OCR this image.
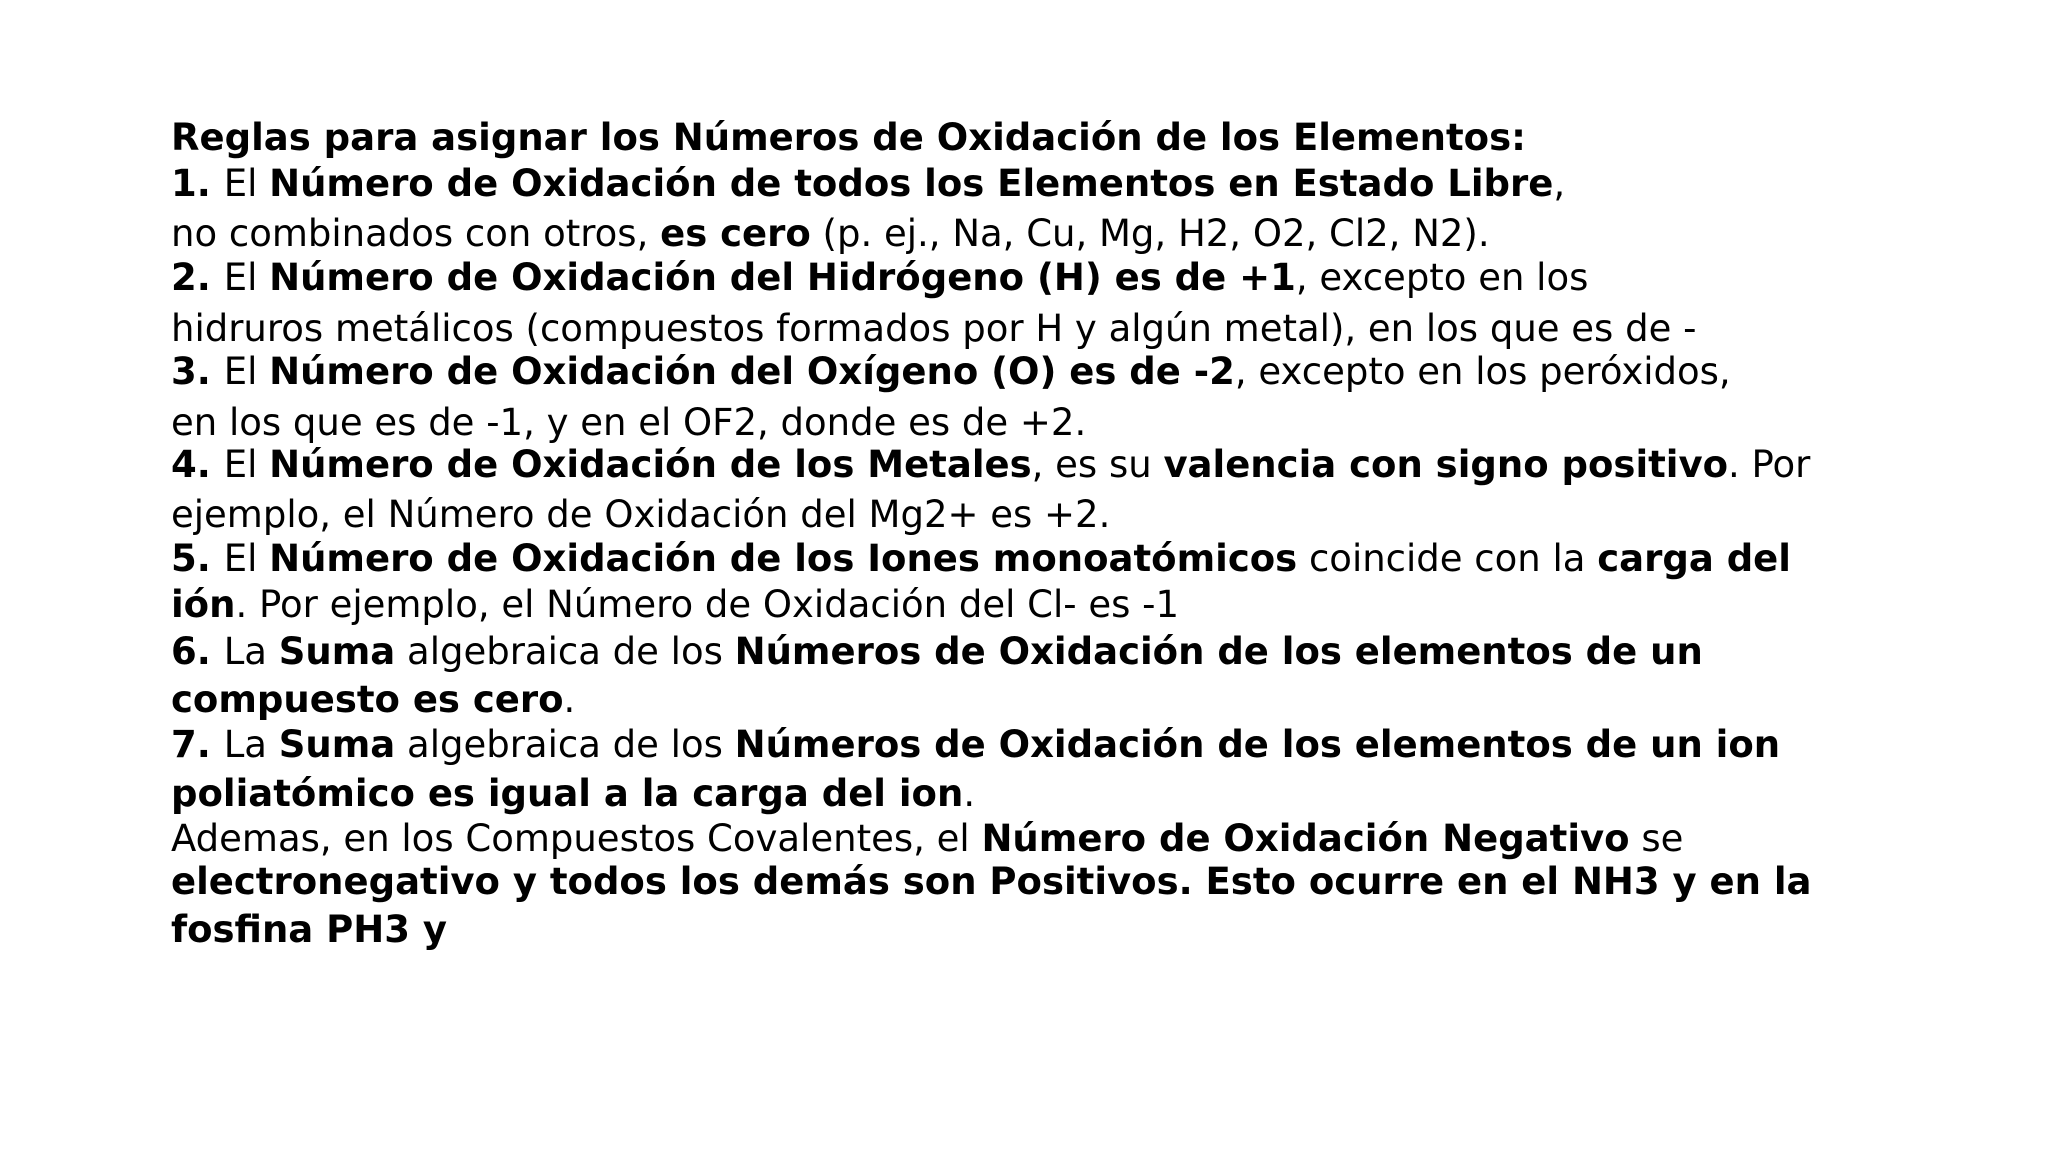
Reglas para asignar los Números de Oxidación de los Elementos:
1. El Número de Oxidación de todos los Elementos en Estado Libre,
no combinados con otros, es cero (p. ej., Na, Cu, Mg, H2, O2, Cl2, N2).
2. El Número de Oxidación del Hidrógeno (H) es de +1, excepto en los
hidruros metálicos (compuestos formados por H y algún metal), en los que es de -
3. El Número de Oxidación del Oxígeno (O) es de -2, excepto en los peróxidos,
en los que es de -1, y en el OF2, donde es de +2.
4. El Número de Oxidación de los Metales, es su valencia con signo positivo. Por
ejemplo, el Número de Oxidación del Mg2+ es +2.
5. El Número de Oxidación de los Iones monoatómicos coincide con la carga del
ión. Por ejemplo, el Número de Oxidación del Cl- es -1
6. La Suma algebraica de los Números de Oxidación de los elementos de un
compuesto es cero.
7. La Suma algebraica de los Números de Oxidación de los elementos de un ion
poliatómico es igual a la carga del ion.
Ademas, en los Compuestos Covalentes, el Número de Oxidación Negativo se
electronegativo y todos los demás son Positivos. Esto ocurre en el NH3 y en la
fosfina PH3 y
